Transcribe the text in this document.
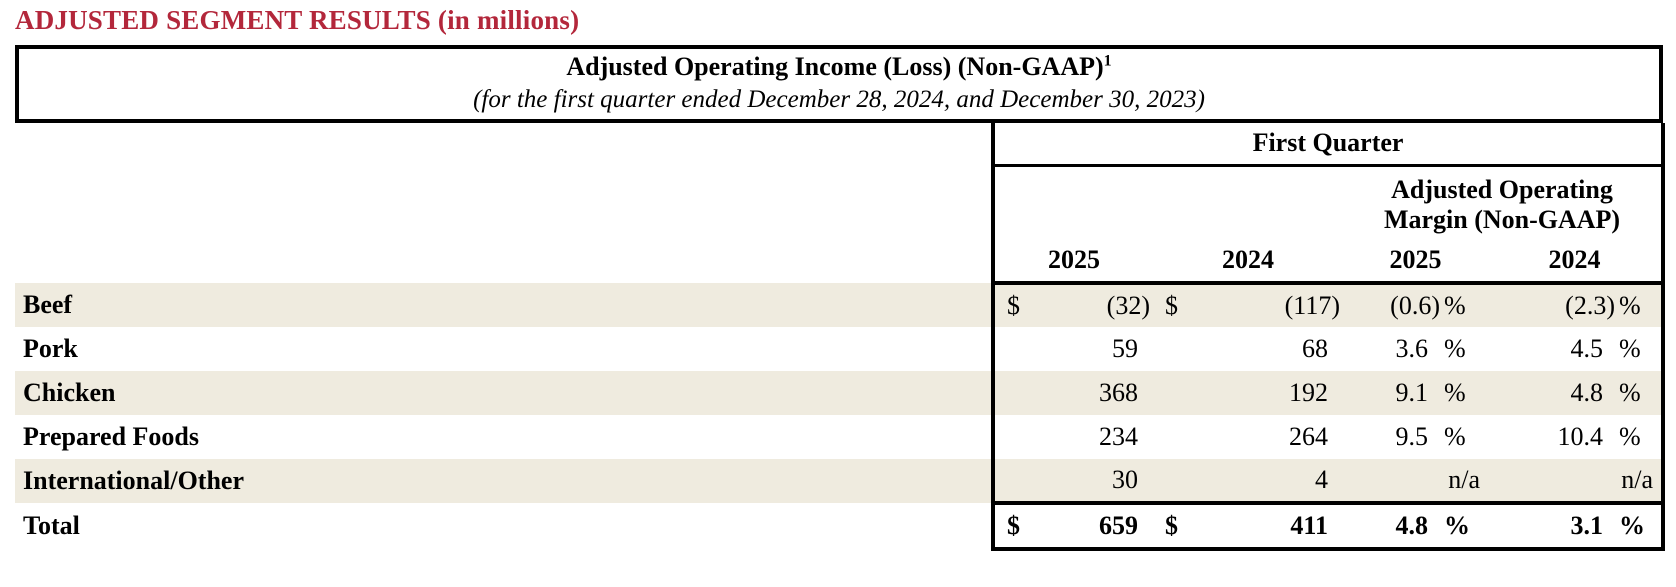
ADJUSTED SEGMENT RESULTS (in millions)
Adjusted Operating Income (Loss) (Non-GAAP)$^1$
(for the first quarter ended December 28, 2024, and December 30, 2023)
	First Quarter							

					Adjusted Operating
Margin (Non-GAAP)			

	2025		2024		2025		2024	
Beef	$	(32)	$	(117)	(0.6)	%	(2.3)	%
Pork		59		68	3.6	%	4.5	%
Chicken		368		192	9.1	%	4.8	%
Prepared Foods		234		264	9.5	%	10.4	%
International/Other		30		4	n/a		n/a	
Total	$	659	$	411	4.8	%	3.1	%
